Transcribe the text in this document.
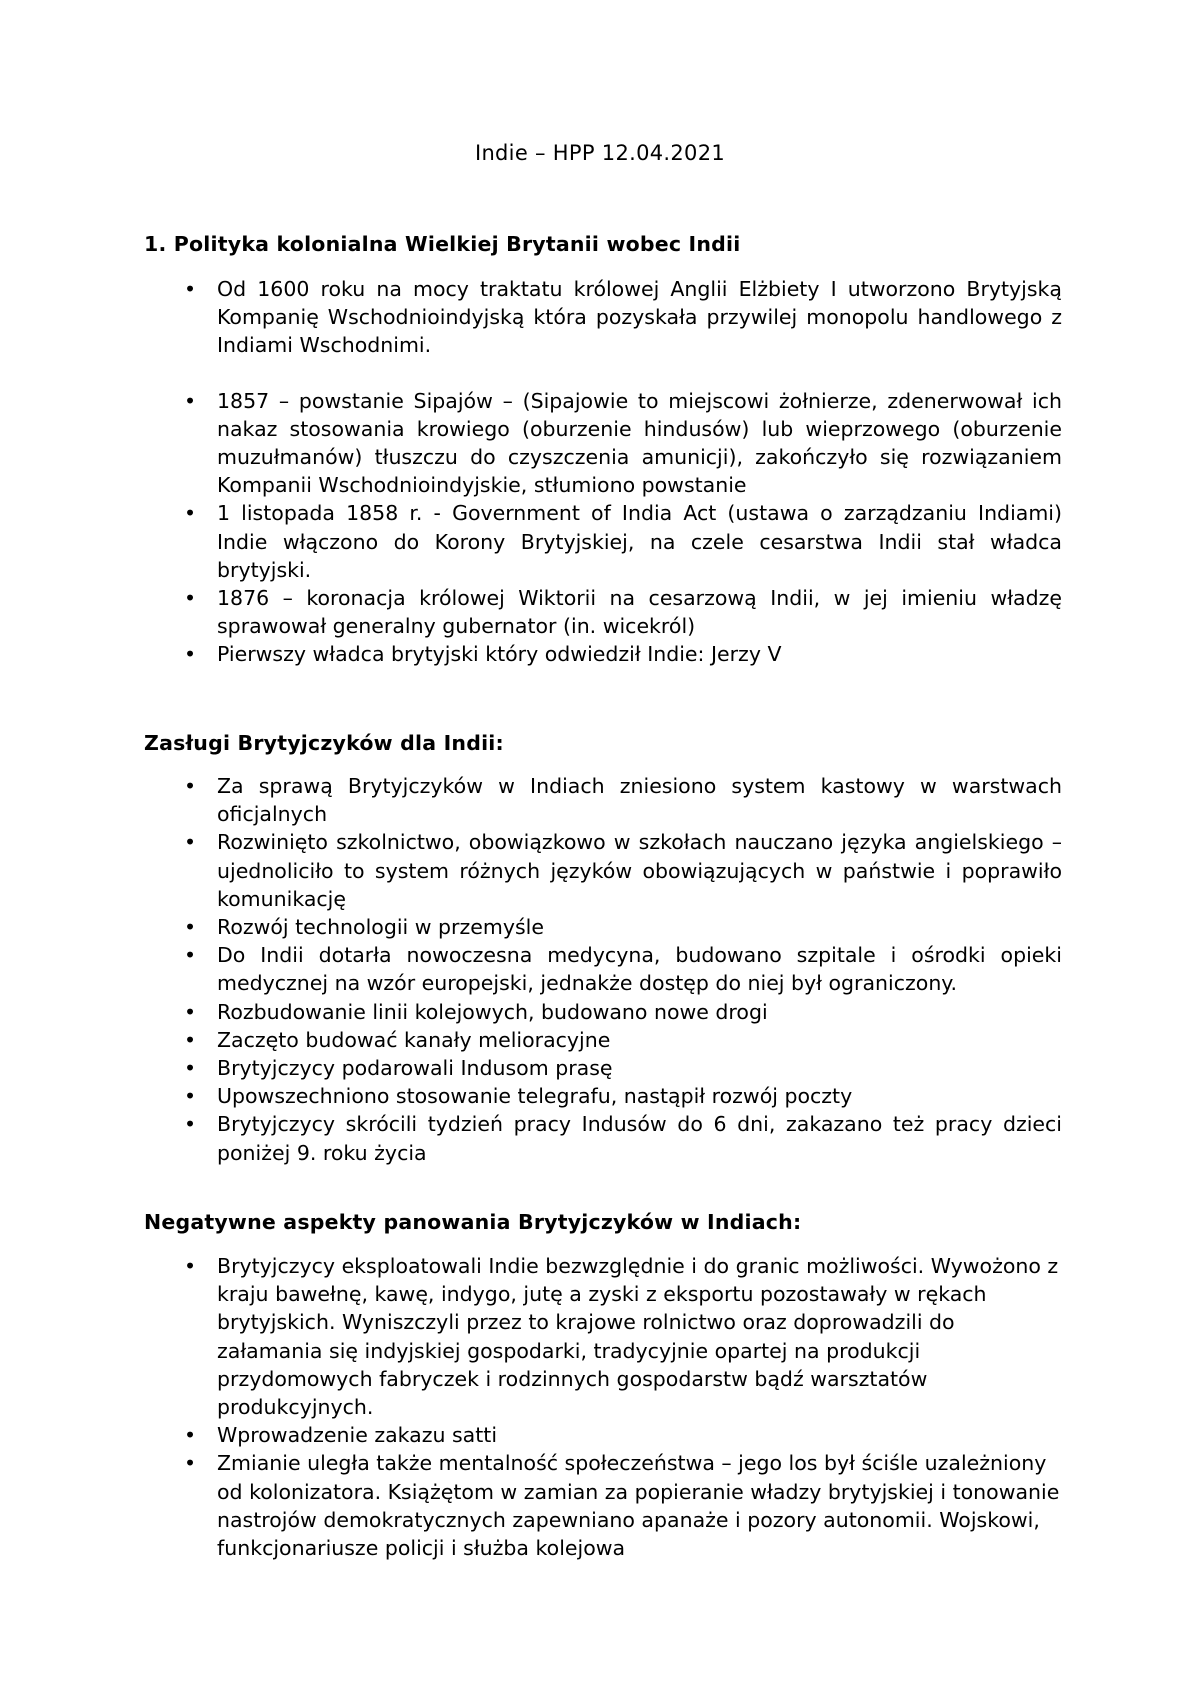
Indie – HPP 12.04.2021
1. Polityka kolonialna Wielkiej Brytanii wobec Indii
• Od 1600 roku na mocy traktatu królowej Anglii Elżbiety I utworzono Brytyjską Kompanię Wschodnioindyjską która pozyskała przywilej monopolu handlowego z Indiami Wschodnimi.
• 1857 – powstanie Sipajów – (Sipajowie to miejscowi żołnierze, zdenerwował ich nakaz stosowania krowiego (oburzenie hindusów) lub wieprzowego (oburzenie muzułmanów) tłuszczu do czyszczenia amunicji), zakończyło się rozwiązaniem Kompanii Wschodnioindyjskie, stłumiono powstanie
• 1 listopada 1858 r. - Government of India Act (ustawa o zarządzaniu Indiami) Indie włączono do Korony Brytyjskiej, na czele cesarstwa Indii stał władca brytyjski.
• 1876 – koronacja królowej Wiktorii na cesarzową Indii, w jej imieniu władzę sprawował generalny gubernator (in. wicekról)
• Pierwszy władca brytyjski który odwiedził Indie: Jerzy V
Zasługi Brytyjczyków dla Indii:
• Za sprawą Brytyjczyków w Indiach zniesiono system kastowy w warstwach oficjalnych
• Rozwinięto szkolnictwo, obowiązkowo w szkołach nauczano języka angielskiego – ujednoliciło to system różnych języków obowiązujących w państwie i poprawiło komunikację
• Rozwój technologii w przemyśle
• Do Indii dotarła nowoczesna medycyna, budowano szpitale i ośrodki opieki medycznej na wzór europejski, jednakże dostęp do niej był ograniczony.
• Rozbudowanie linii kolejowych, budowano nowe drogi
• Zaczęto budować kanały melioracyjne
• Brytyjczycy podarowali Indusom prasę
• Upowszechniono stosowanie telegrafu, nastąpił rozwój poczty
• Brytyjczycy skrócili tydzień pracy Indusów do 6 dni, zakazano też pracy dzieci poniżej 9. roku życia
Negatywne aspekty panowania Brytyjczyków w Indiach:
• Brytyjczycy eksploatowali Indie bezwzględnie i do granic możliwości. Wywożono z kraju bawełnę, kawę, indygo, jutę a zyski z eksportu pozostawały w rękach brytyjskich. Wyniszczyli przez to krajowe rolnictwo oraz doprowadzili do załamania się indyjskiej gospodarki, tradycyjnie opartej na produkcji przydomowych fabryczek i rodzinnych gospodarstw bądź warsztatów produkcyjnych.
• Wprowadzenie zakazu satti
• Zmianie uległa także mentalność społeczeństwa – jego los był ściśle uzależniony od kolonizatora. Książętom w zamian za popieranie władzy brytyjskiej i tonowanie nastrojów demokratycznych zapewniano apanaże i pozory autonomii. Wojskowi, funkcjonariusze policji i służba kolejowa
